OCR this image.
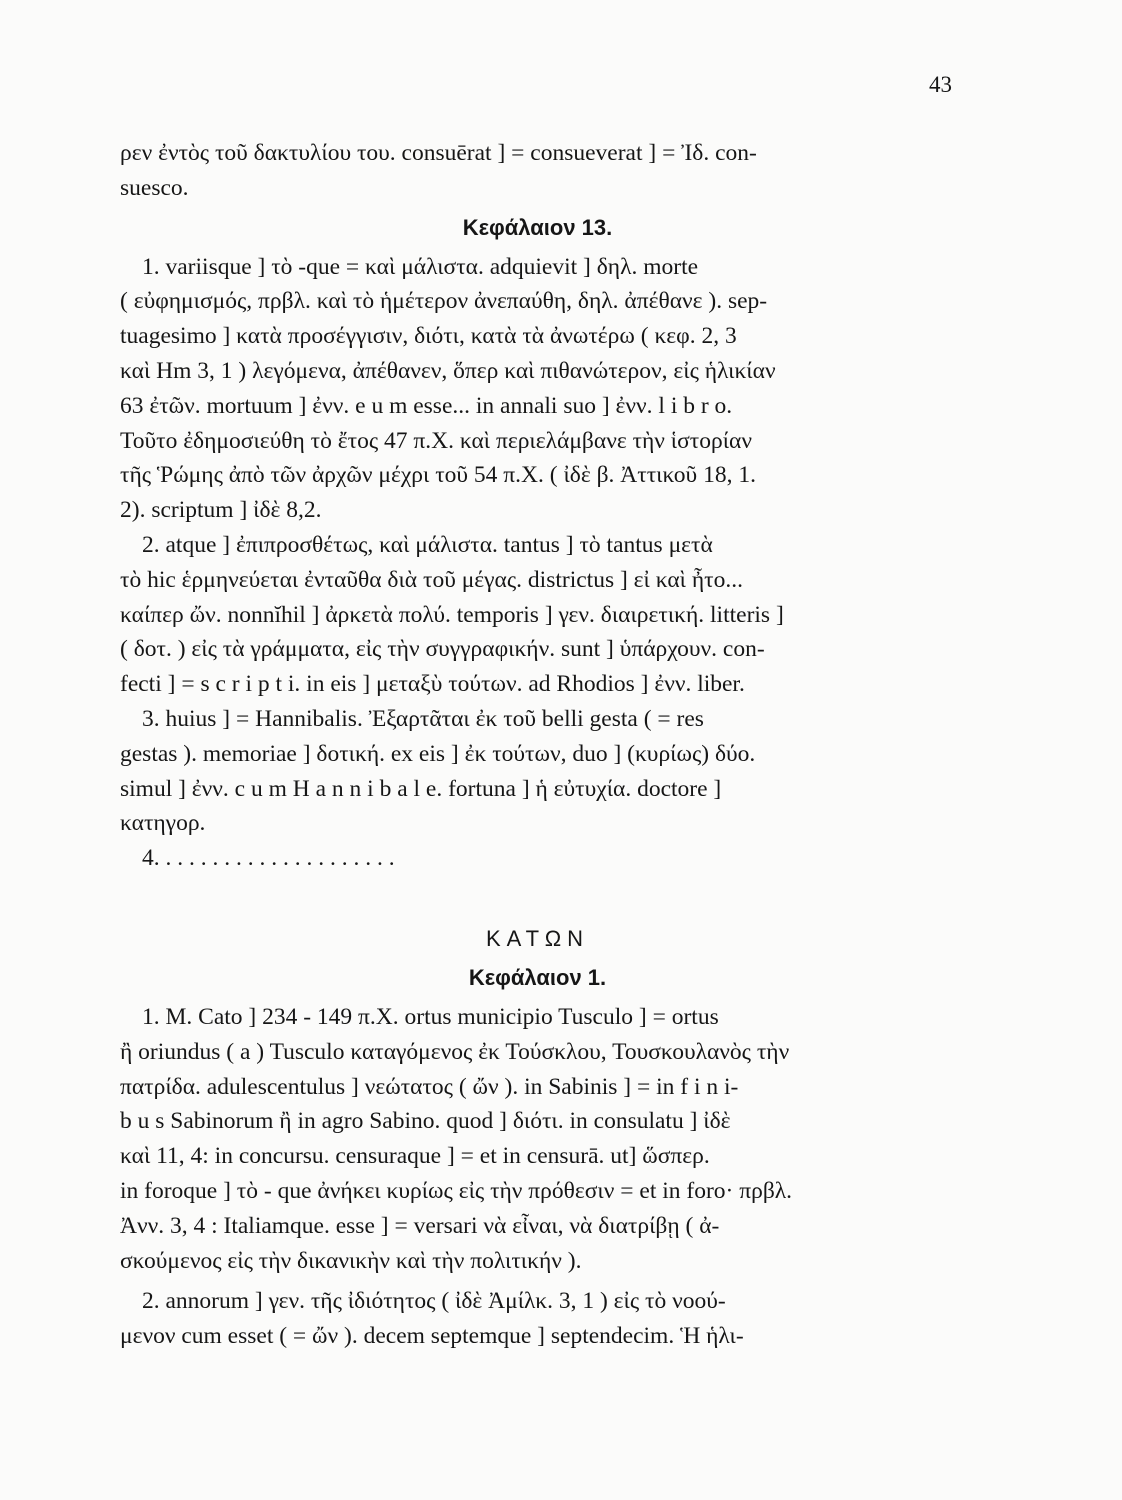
43

ρεν ἐντὸς τοῦ δακτυλίου του. consuērat ] = consueverat ] = Ἰδ. con-

suesco.

Κεφάλαιον 13.

1. variisque ] τὸ -que = καὶ μάλιστα. adquievit ] δηλ. morte

( εὐφημισμός, πρβλ. καὶ τὸ ἡμέτερον ἀνεπαύθη, δηλ. ἀπέθανε ). sep-

tuagesimo ] κατὰ προσέγγισιν, διότι, κατὰ τὰ ἀνωτέρω ( κεφ. 2, 3

καὶ Hm 3, 1 ) λεγόμενα, ἀπέθανεν, ὅπερ καὶ πιθανώτερον, εἰς ἡλικίαν

63 ἐτῶν. mortuum ] ἐνν. e u m esse... in annali suo ] ἐνν. l i b r o.

Τοῦτο ἐδημοσιεύθη τὸ ἔτος 47 π.Χ. καὶ περιελάμβανε τὴν ἱστορίαν

τῆς Ῥώμης ἀπὸ τῶν ἀρχῶν μέχρι τοῦ 54 π.Χ. ( ἰδὲ β. Ἀττικοῦ 18, 1.

2). scriptum ] ἰδὲ 8,2.

2. atque ] ἐπιπροσθέτως, καὶ μάλιστα. tantus ] τὸ tantus μετὰ

τὸ hic ἑρμηνεύεται ἐνταῦθα διὰ τοῦ μέγας. districtus ] εἰ καὶ ἦτο...

καίπερ ὤν. nonnĭhil ] ἀρκετὰ πολύ. temporis ] γεν. διαιρετική. litteris ]

( δοτ. ) εἰς τὰ γράμματα, εἰς τὴν συγγραφικήν. sunt ] ὑπάρχουν. con-

fecti ] = s c r i p t i. in eis ] μεταξὺ τούτων. ad Rhodios ] ἐνν. liber.

3. huius ] = Hannibalis. Ἐξαρτᾶται ἐκ τοῦ belli gesta ( = res

gestas ). memoriae ] δοτική. ex eis ] ἐκ τούτων, duo ] (κυρίως) δύο.

simul ] ἐνν. c u m H a n n i b a l e. fortuna ] ἡ εὐτυχία. doctore ]

κατηγορ.

4. . . . . . . . . . . . . . . . . . . . .

ΚΑΤΩΝ
Κεφάλαιον 1.

1. M. Cato ] 234 - 149 π.Χ. ortus municipio Tusculo ] = ortus

ἢ oriundus ( a ) Tusculo καταγόμενος ἐκ Τούσκλου, Τουσκουλανὸς τὴν

πατρίδα. adulescentulus ] νεώτατος ( ὤν ). in Sabinis ] = in f i n i-

b u s Sabinorum ἢ in agro Sabino. quod ] διότι. in consulatu ] ἰδὲ

καὶ 11, 4: in concursu. censuraque ] = et in censurā. ut] ὥσπερ.

in foroque ] τὸ - que ἀνήκει κυρίως εἰς τὴν πρόθεσιν = et in foro· πρβλ.

Ἀνν. 3, 4 : Italiamque. esse ] = versari νὰ εἶναι, νὰ διατρίβῃ ( ἀ-

σκούμενος εἰς τὴν δικανικὴν καὶ τὴν πολιτικήν ).

2. annorum ] γεν. τῆς ἰδιότητος ( ἰδὲ Ἀμίλκ. 3, 1 ) εἰς τὸ νοού-

μενον cum esset ( = ὤν ). decem septemque ] septendecim. Ἡ ἡλι-
